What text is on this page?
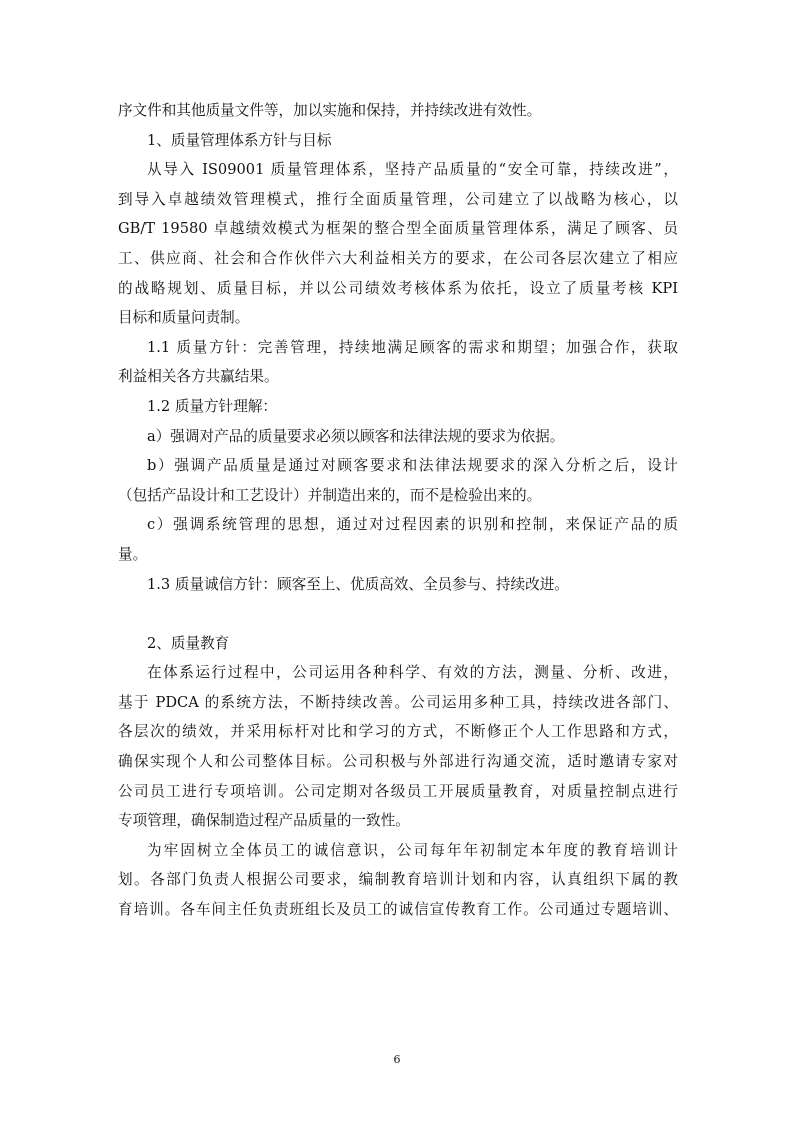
序文件和其他质量文件等，加以实施和保持，并持续改进有效性。
1、质量管理体系方针与目标
从导入 IS09001 质量管理体系，坚持产品质量的“安全可靠，持续改进”，
到导入卓越绩效管理模式，推行全面质量管理，公司建立了以战略为核心，以
GB/T 19580 卓越绩效模式为框架的整合型全面质量管理体系，满足了顾客、员
工、供应商、社会和合作伙伴六大利益相关方的要求，在公司各层次建立了相应
的战略规划、质量目标，并以公司绩效考核体系为依托，设立了质量考核 KPI
目标和质量问责制。
1.1 质量方针：完善管理，持续地满足顾客的需求和期望；加强合作，获取
利益相关各方共赢结果。
1.2 质量方针理解：
a）强调对产品的质量要求必须以顾客和法律法规的要求为依据。
b）强调产品质量是通过对顾客要求和法律法规要求的深入分析之后，设计
（包括产品设计和工艺设计）并制造出来的，而不是检验出来的。
c）强调系统管理的思想，通过对过程因素的识别和控制，来保证产品的质
量。
1.3 质量诚信方针：顾客至上、优质高效、全员参与、持续改进。
2、质量教育
在体系运行过程中，公司运用各种科学、有效的方法，测量、分析、改进，
基于 PDCA 的系统方法，不断持续改善。公司运用多种工具，持续改进各部门、
各层次的绩效，并采用标杆对比和学习的方式，不断修正个人工作思路和方式，
确保实现个人和公司整体目标。公司积极与外部进行沟通交流，适时邀请专家对
公司员工进行专项培训。公司定期对各级员工开展质量教育，对质量控制点进行
专项管理，确保制造过程产品质量的一致性。
为牢固树立全体员工的诚信意识，公司每年年初制定本年度的教育培训计
划。各部门负责人根据公司要求，编制教育培训计划和内容，认真组织下属的教
育培训。各车间主任负责班组长及员工的诚信宣传教育工作。公司通过专题培训、
6
